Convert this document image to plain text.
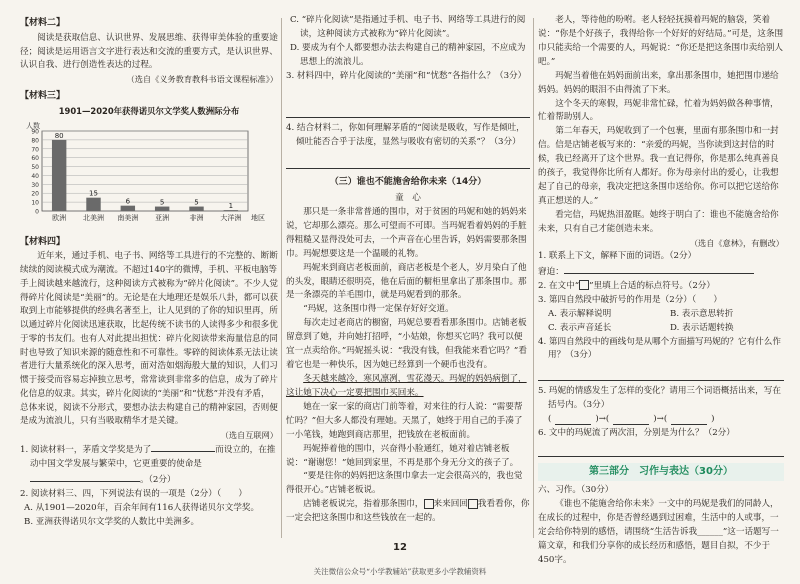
【材料二】

阅读是获取信息、认识世界、发展思维、获得审美体验的重要途径；阅读是运用语言文字进行表达和交流的重要方式，是认识世界、认识自我、进行创造性表达的过程。

（选自《义务教育教科书语文课程标准》）
【材料三】
1901—2020年获得诺贝尔文学奖人数洲际分布
0
10
20
30
40
50
60
70
80
90
人数
80
欧洲
15
北美洲
6
南美洲
5
亚洲
5
非洲
1
大洋洲 地区
【材料四】

近年来，通过手机、电子书、网络等工具进行的不完整的、断断续续的阅读模式成为潮流。不超过140字的微博，手机、平板电脑等手上阅读越来越流行，这种阅读方式被称为“碎片化阅读”。不少人觉得碎片化阅读是“美丽”的。无论是在大地理还是娱乐八卦，都可以获取到上市能够提供的经典名著至上，让人见到的了你的知识里再，所以通过碎片化阅读迅速获取，比起传统不读书的人读得多少和很多优于零的书友们。也有人对此提出担忧：碎片化阅读带来海量信息的同时也导致了知识来源的随意性和不可靠性。零碎的阅读体系无法让读者进行大量系统化的深入思考，面对浩如烟海般大量的知识，人们习惯于接受而容易忘掉独立思考，常常读到非常多的信息，成为了碎片化信息的奴隶。其实，碎片化阅读的“美丽”和“忧愁”并没有矛盾，总体来说，阅读不分形式，要想办法去构建自己的精神家园，否则便是成为流浪儿，只有当吸取精华才是关键。

（选自互联网）
1. 阅读材料一，茅盾文学奖是为了	而设立的，在推动中国文学发展与繁荣中，它更重要的使命是。（2分）
2. 阅读材料三、四，下列说法有误的一项是（2分）（　　）
A. 从1901—2020年，百余年间有116人获得诺贝尔文学奖。
B. 亚洲获得诺贝尔文学奖的人数比中美洲多。
C. “碎片化阅读”是指通过手机、电子书、网络等工具进行的阅读，这种阅读方式被称为“碎片化阅读”。
D. 要成为有个人都要想办法去构建自己的精神家园，不应成为思想上的流浪儿。
3. 材料四中，碎片化阅读的“美丽”和“忧愁”各指什么？（3分）
4. 结合材料二，你如何理解茅盾的“阅读是吸收，写作是倾吐，倾吐能否合乎于法度，显然与吸收有密切的关系”？（3分）
（三）谁也不能施舍给你未来（14分）
童　心

那只是一条非常普通的围巾，对于贫困的玛妮和她的妈妈来说，它却那么漂亮。那么可望而不可即。当玛妮看着妈妈的手脏得粗糙又显得没处可去，一个声音在心里告诉，妈妈需要那条围巾。玛妮想要这是一个温暖的礼物。

玛妮来到商店老板面前，商店老板是个老人，岁月染白了他的头发，眼睛还很明亮，他在后面的橱柜里拿出了那条围巾。那是一条漂亮的羊毛围巾，就是玛妮看到的那条。

“玛妮，这条围巾得一定保存好好交道。

每次走过老商店的橱窗，玛妮总要看看那条围巾。店铺老板留意到了她，并向她打招呼，“小姑娘，你想买它吗？我可以便宜一点卖给你。”玛妮摇头说：“我没有钱，但我能来看它吗？”看着它也是一种快乐，因为她已经算到一个硬币也没有。

冬天越来越冷，寒风凛冽，雪花漫天。玛妮的妈妈病倒了，这让她下决心一定要把围巾买回来。

她在一家一家的商店门前等着，对来往的行人说：“需要帮忙吗？”但大多人都没有理她。天黑了，她终于用自己的手凑了一小笔钱，她跑到商店那里，把钱放在老板面前。

玛妮捧着他的围巾，兴奋得小脸通红，她对着店铺老板说：“谢谢您！”她回到家里，不再是那个身无分文的孩子了。

“要是往你的妈妈把这条围巾拿去一定会很高兴的，我也觉得很开心。”店铺老板说。

店铺老板说完，指着那条围巾， 来来回回 我看看你，你一定会把这条围巾和这些钱放在一起的。

老人，等待他的吩咐。老人轻轻抚摸着玛妮的脑袋，笑着说：“你是个好孩子，我得给你一个好好的好结局。”可是，这条围巾只能卖给一个需要的人，玛妮说：“你还是把这条围巾卖给别人吧。”

玛妮当着他在妈妈面前出来，拿出那条围巾，她把围巾递给妈妈。妈妈的眼泪不由得流了下来。

这个冬天的寒假，玛妮非常忙碌，忙着为妈妈做各种事情，忙着帮助别人。

第二年春天，玛妮收到了一个包裹，里面有那条围巾和一封信。信是店铺老板写来的：“亲爱的玛妮，当你读到这封信的时候，我已经离开了这个世界。我一直记得你，你是那么纯真善良的孩子，我觉得你比所有人都好。你为母亲付出的爱心，让我想起了自己的母亲，我决定把这条围巾送给你。你可以把它送给你真正想送的人。”

看完信，玛妮热泪盈眶。她终于明白了：谁也不能施舍给你未来，只有自己才能创造未来。

（选自《意林》，有删改）
1. 联系上下文，解释下面的词语。（2分）
窘迫：
2. 在文中“ ”里填上合适的标点符号。（2分）
3. 第四自然段中破折号的作用是（2分）（　　）
A. 表示解释说明	B. 表示意思转折
C. 表示声音延长	D. 表示话题转换
4. 第四自然段中的画线句是从哪个方面描写玛妮的？它有什么作用？（3分）
5. 玛妮的情感发生了怎样的变化？请用三个词语概括出来，写在括号内。（3分）
(	)→(	)→(	)
6. 文中的玛妮流了两次泪，分别是为什么？（2分）
第三部分　习作与表达（30分）
六、习作。（30分）

《谁也不能施舍给你未来》一文中的玛妮是我们的同龄人，在成长的过程中，你是否曾经遇到过困难，生活中的人或事，一定会给你特别的感悟，请围绕“生活告诉我______”这一话题写一篇文章，和我们分享你的成长经历和感悟，题目自拟，不少于450字。

12
关注微信公众号“小学教辅站”获取更多小学教辅资料
